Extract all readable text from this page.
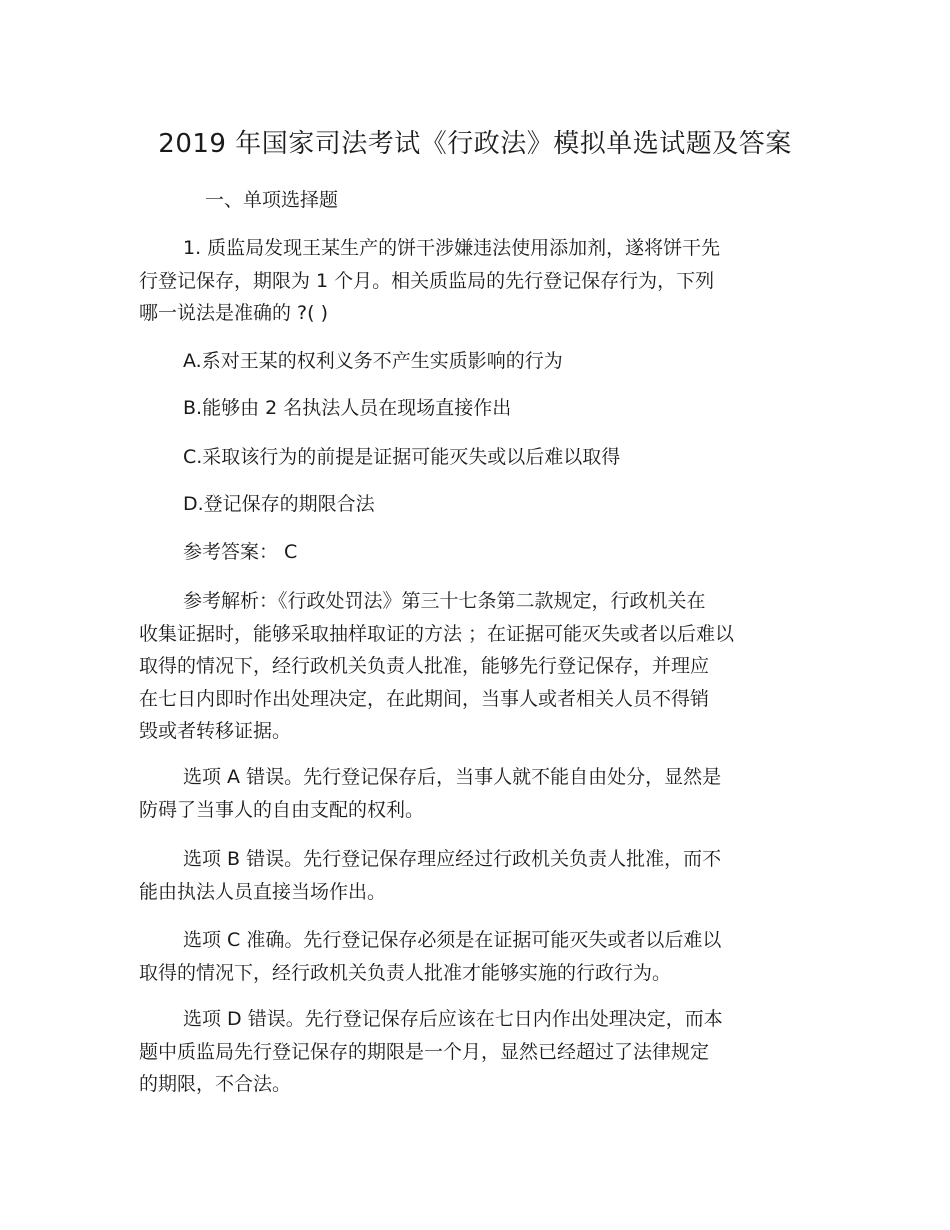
2019 年国家司法考试《行政法》模拟单选试题及答案
一、单项选择题
1. 质监局发现王某生产的饼干涉嫌违法使用添加剂，遂将饼干先
行登记保存，期限为 1 个月。相关质监局的先行登记保存行为，下列
哪一说法是准确的 ?( )
A.系对王某的权利义务不产生实质影响的行为
B.能够由 2 名执法人员在现场直接作出
C.采取该行为的前提是证据可能灭失或以后难以取得
D.登记保存的期限合法
参考答案： C
参考解析：《行政处罚法》第三十七条第二款规定，行政机关在
收集证据时，能够采取抽样取证的方法 ；在证据可能灭失或者以后难以
取得的情况下，经行政机关负责人批准，能够先行登记保存，并理应
在七日内即时作出处理决定，在此期间，当事人或者相关人员不得销
毁或者转移证据。
选项 A 错误。先行登记保存后，当事人就不能自由处分，显然是
防碍了当事人的自由支配的权利。
选项 B 错误。先行登记保存理应经过行政机关负责人批准，而不
能由执法人员直接当场作出。
选项 C 准确。先行登记保存必须是在证据可能灭失或者以后难以
取得的情况下，经行政机关负责人批准才能够实施的行政行为。
选项 D 错误。先行登记保存后应该在七日内作出处理决定，而本
题中质监局先行登记保存的期限是一个月，显然已经超过了法律规定
的期限，不合法。
